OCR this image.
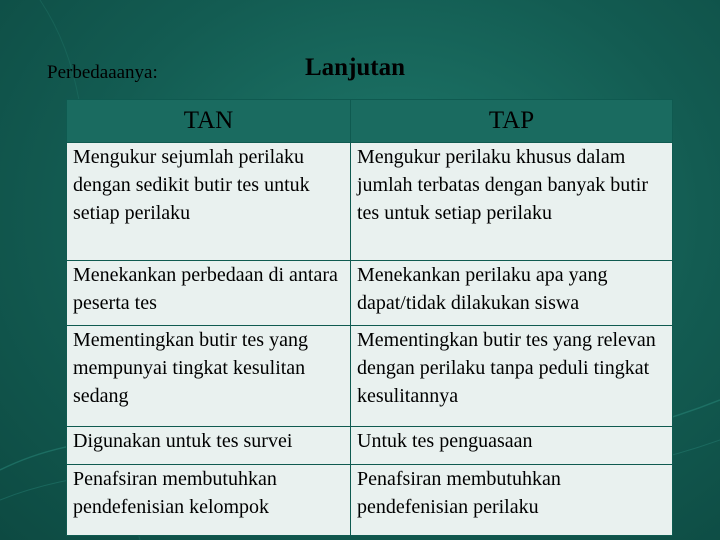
Perbedaaanya:	Lanjutan
TAN	TAP
Mengukur sejumlah perilaku dengan sedikit butir tes untuk setiap perilaku	Mengukur perilaku khusus dalam jumlah terbatas dengan banyak butir tes untuk setiap perilaku
Menekankan perbedaan di antara peserta tes	Menekankan perilaku apa yang dapat/tidak dilakukan siswa
Mementingkan butir tes yang mempunyai tingkat kesulitan sedang	Mementingkan butir tes yang relevan dengan perilaku tanpa peduli tingkat kesulitannya
Digunakan untuk tes survei	Untuk tes penguasaan
Penafsiran membutuhkan pendefenisian kelompok	Penafsiran membutuhkan pendefenisian perilaku
